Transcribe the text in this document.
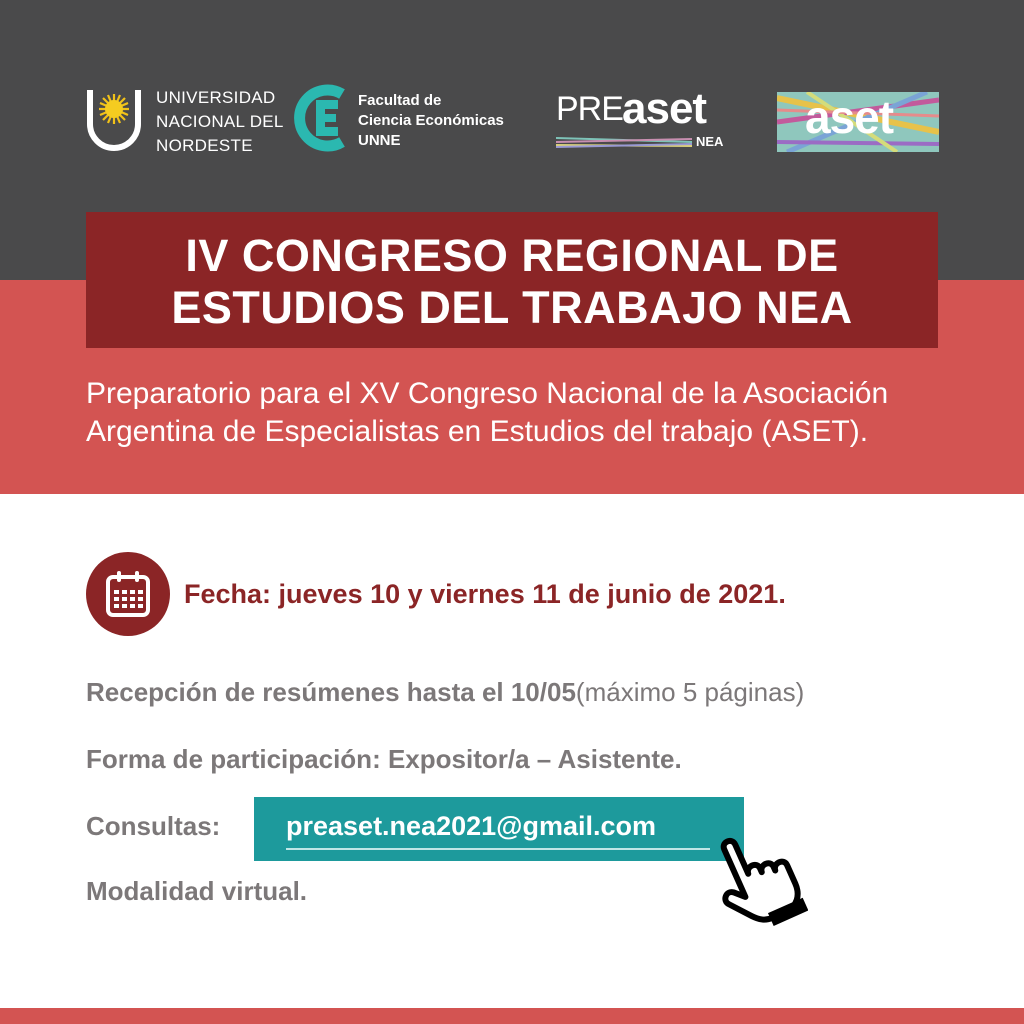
UNIVERSIDAD
NACIONAL DEL
NORDESTE
Facultad de
Ciencia Económicas
UNNE
PRE aset
NEA aset
IV CONGRESO REGIONAL DE
ESTUDIOS DEL TRABAJO NEA
Preparatorio para el XV Congreso Nacional de la Asociación
Argentina de Especialistas en Estudios del trabajo (ASET).
Fecha: jueves 10 y viernes 11 de junio de 2021.
Recepción de resúmenes hasta el 10/05(máximo 5 páginas)
Forma de participación: Expositor/a – Asistente.
Consultas: preaset.nea2021@gmail.com
Modalidad virtual.
